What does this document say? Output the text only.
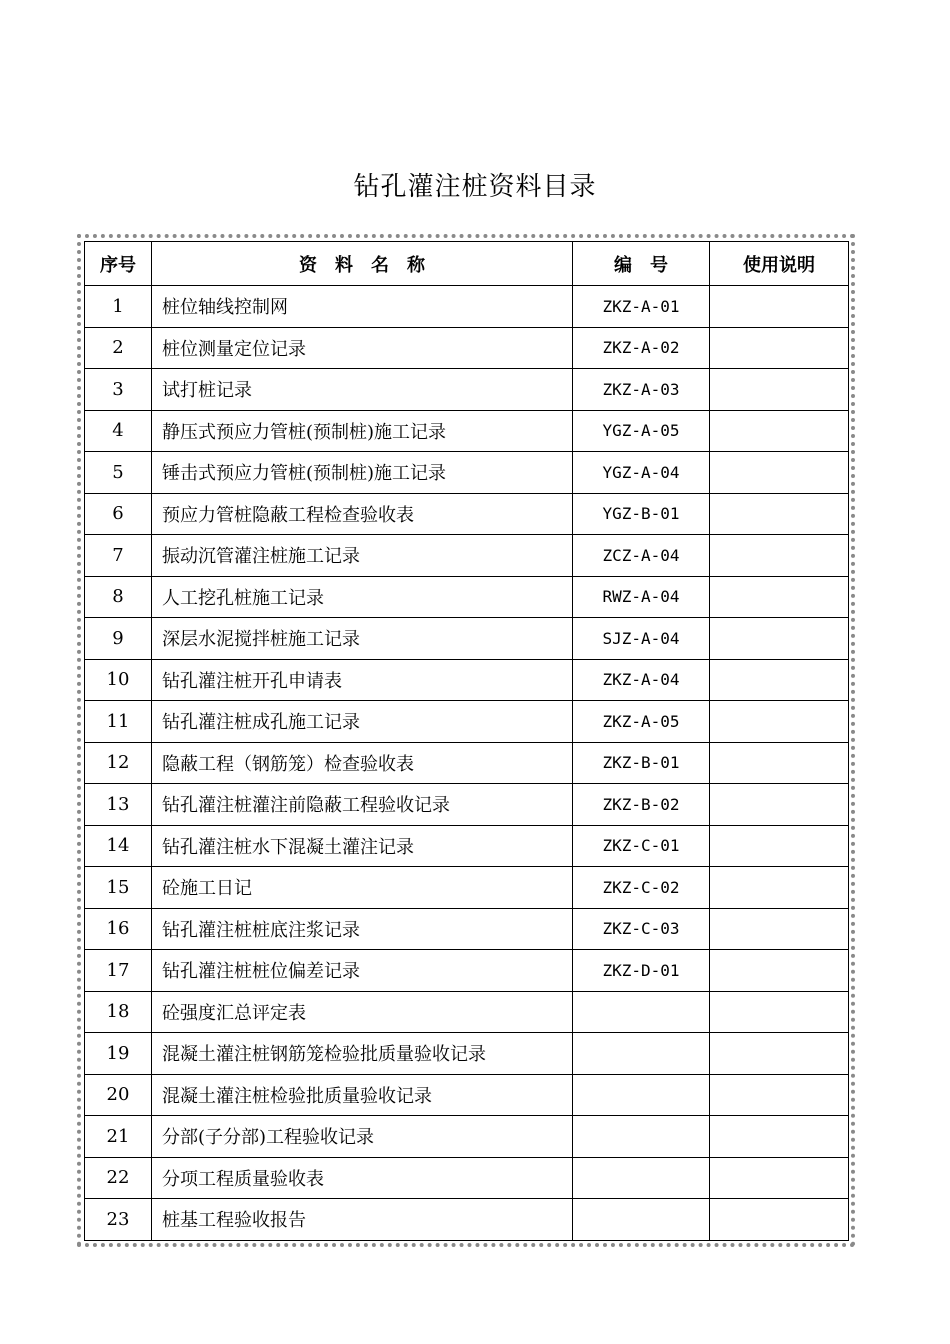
钻孔灌注桩资料目录
序号	资　料　名　称	编　号	使用说明
1	桩位轴线控制网	ZKZ-A-01	
2	桩位测量定位记录	ZKZ-A-02	
3	试打桩记录	ZKZ-A-03	
4	静压式预应力管桩(预制桩)施工记录	YGZ-A-05	
5	锤击式预应力管桩(预制桩)施工记录	YGZ-A-04	
6	预应力管桩隐蔽工程检查验收表	YGZ-B-01	
7	振动沉管灌注桩施工记录	ZCZ-A-04	
8	人工挖孔桩施工记录	RWZ-A-04	
9	深层水泥搅拌桩施工记录	SJZ-A-04	
10	钻孔灌注桩开孔申请表	ZKZ-A-04	
11	钻孔灌注桩成孔施工记录	ZKZ-A-05	
12	隐蔽工程（钢筋笼）检查验收表	ZKZ-B-01	
13	钻孔灌注桩灌注前隐蔽工程验收记录	ZKZ-B-02	
14	钻孔灌注桩水下混凝土灌注记录	ZKZ-C-01	
15	砼施工日记	ZKZ-C-02	
16	钻孔灌注桩桩底注浆记录	ZKZ-C-03	
17	钻孔灌注桩桩位偏差记录	ZKZ-D-01	
18	砼强度汇总评定表		
19	混凝土灌注桩钢筋笼检验批质量验收记录		
20	混凝土灌注桩检验批质量验收记录		
21	分部(子分部)工程验收记录		
22	分项工程质量验收表		
23	桩基工程验收报告		
